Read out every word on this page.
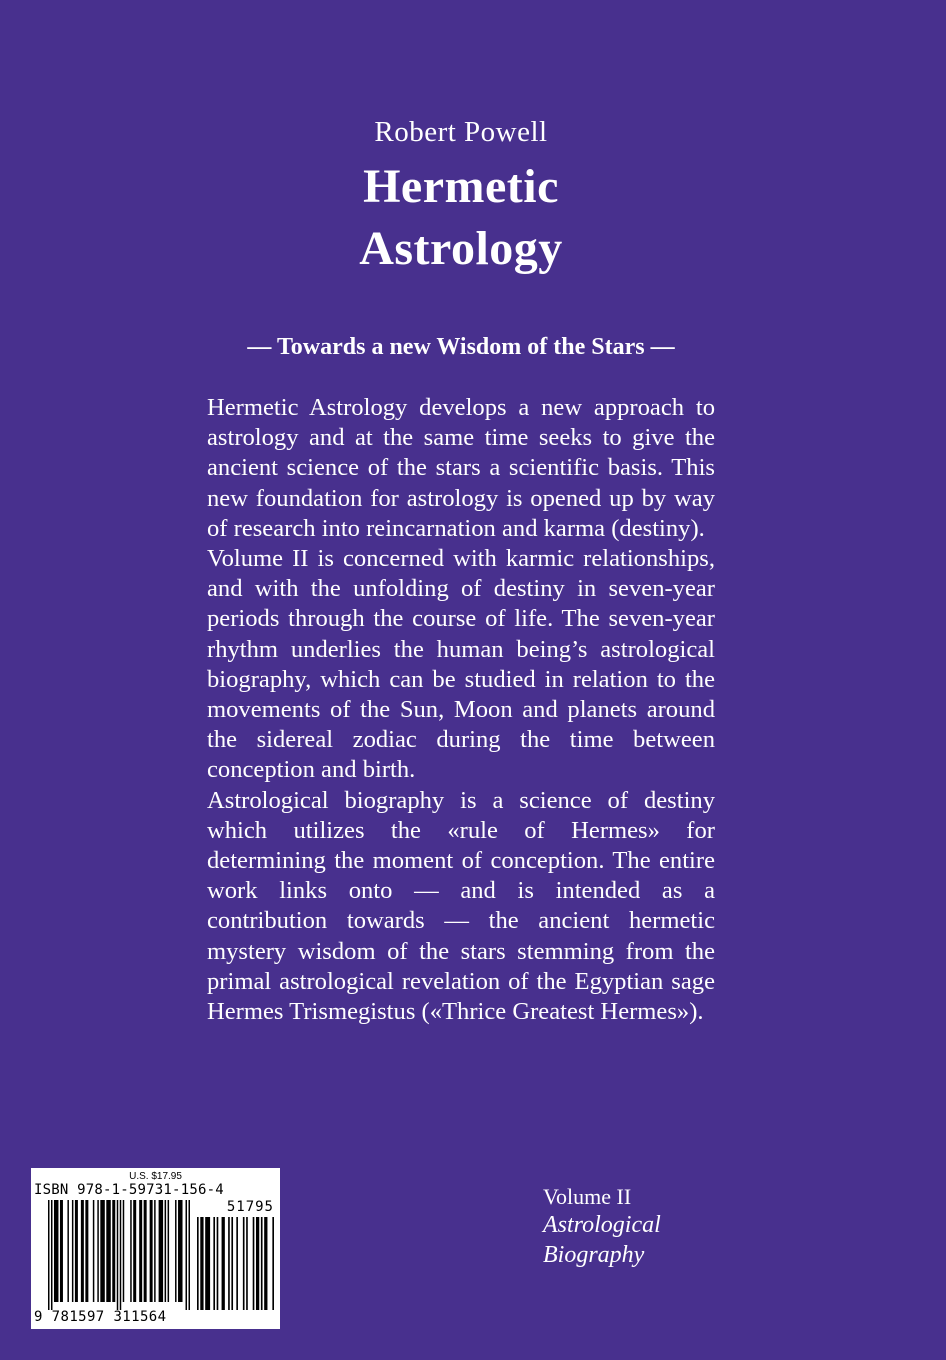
Robert Powell
Hermetic
Astrology
— Towards a new Wisdom of the Stars —

Hermetic Astrology develops a new approach to astrology and at the same time seeks to give the ancient science of the stars a scientific basis. This new foundation for astrology is opened up by way of research into reincarnation and karma (destiny).

Volume II is concerned with karmic relationships, and with the unfolding of destiny in seven-year periods through the course of life. The seven-year rhythm underlies the human being’s astrological biography, which can be studied in relation to the movements of the Sun, Moon and planets around the sidereal zodiac during the time between conception and birth.

Astrological biography is a science of destiny which utilizes the «rule of Hermes» for determining the moment of conception. The entire work links onto — and is intended as a contribution towards — the ancient hermetic mystery wisdom of the stars stemming from the primal astrological revelation of the Egyptian sage Hermes Trismegistus («Thrice Greatest Hermes»).

U.S. $17.95
ISBN 978-1-59731-156-4
51795
9 781597 311564
Volume II
Astrological
Biography
